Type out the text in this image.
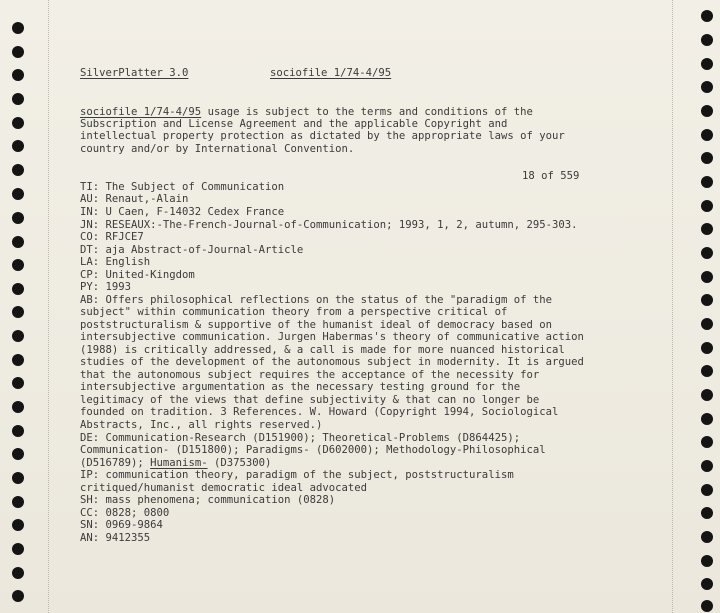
SilverPlatter 3.0	sociofile 1/74-4/95
sociofile 1/74-4/95 usage is subject to the terms and conditions of the
Subscription and License Agreement and the applicable Copyright and
intellectual property protection as dictated by the appropriate laws of your
country and/or by International Convention.
18 of 559
TI: The Subject of Communication
AU: Renaut,-Alain
IN: U Caen, F-14032 Cedex France
JN: RESEAUX:-The-French-Journal-of-Communication; 1993, 1, 2, autumn, 295-303.
CO: RFJCE7
DT: aja Abstract-of-Journal-Article
LA: English
CP: United-Kingdom
PY: 1993
AB: Offers philosophical reflections on the status of the "paradigm of the
subject" within communication theory from a perspective critical of
poststructuralism & supportive of the humanist ideal of democracy based on
intersubjective communication. Jurgen Habermas's theory of communicative action
(1988) is critically addressed, & a call is made for more nuanced historical
studies of the development of the autonomous subject in modernity. It is argued
that the autonomous subject requires the acceptance of the necessity for
intersubjective argumentation as the necessary testing ground for the
legitimacy of the views that define subjectivity & that can no longer be
founded on tradition. 3 References. W. Howard (Copyright 1994, Sociological
Abstracts, Inc., all rights reserved.)
DE: Communication-Research (D151900); Theoretical-Problems (D864425);
Communication- (D151800); Paradigms- (D602000); Methodology-Philosophical
(D516789); Humanism- (D375300)
IP: communication theory, paradigm of the subject, poststructuralism
critiqued/humanist democratic ideal advocated
SH: mass phenomena; communication (0828)
CC: 0828; 0800
SN: 0969-9864
AN: 9412355
